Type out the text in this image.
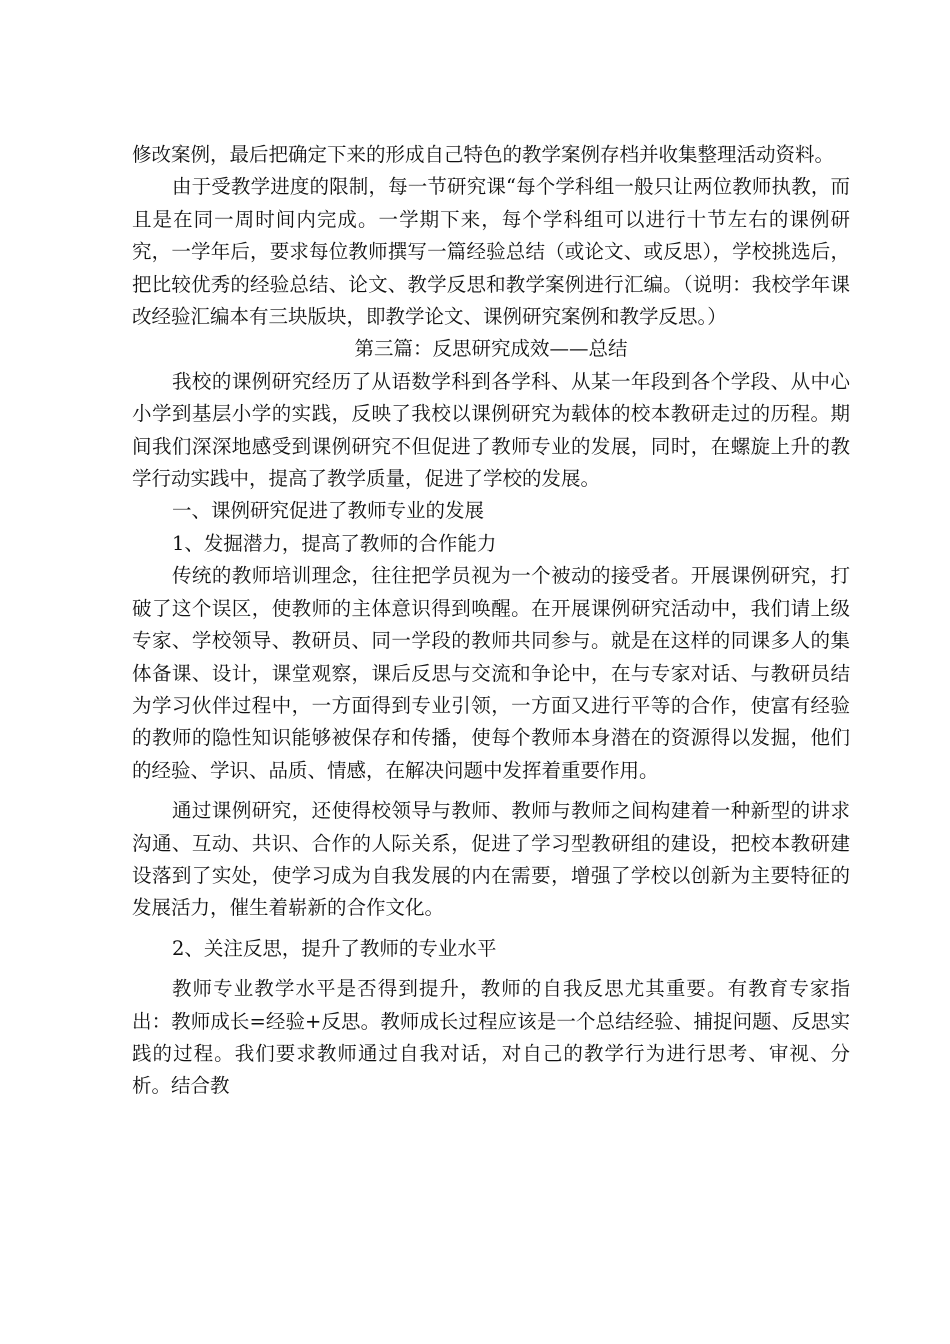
修改案例，最后把确定下来的形成自己特色的教学案例存档并收集整理活动资料。

由于受教学进度的限制，每一节研究课“每个学科组一般只让两位教师执教，而且是在同一周时间内完成。一学期下来，每个学科组可以进行十节左右的课例研究，一学年后，要求每位教师撰写一篇经验总结（或论文、或反思），学校挑选后，把比较优秀的经验总结、论文、教学反思和教学案例进行汇编。（说明：我校学年课改经验汇编本有三块版块，即教学论文、课例研究案例和教学反思。）

第三篇：反思研究成效——总结

我校的课例研究经历了从语数学科到各学科、从某一年段到各个学段、从中心小学到基层小学的实践，反映了我校以课例研究为载体的校本教研走过的历程。期间我们深深地感受到课例研究不但促进了教师专业的发展，同时，在螺旋上升的教学行动实践中，提高了教学质量，促进了学校的发展。

一、课例研究促进了教师专业的发展

1、发掘潜力，提高了教师的合作能力

传统的教师培训理念，往往把学员视为一个被动的接受者。开展课例研究，打破了这个误区，使教师的主体意识得到唤醒。在开展课例研究活动中，我们请上级专家、学校领导、教研员、同一学段的教师共同参与。就是在这样的同课多人的集体备课、设计，课堂观察，课后反思与交流和争论中，在与专家对话、与教研员结为学习伙伴过程中，一方面得到专业引领，一方面又进行平等的合作，使富有经验的教师的隐性知识能够被保存和传播，使每个教师本身潜在的资源得以发掘，他们的经验、学识、品质、情感，在解决问题中发挥着重要作用。

通过课例研究，还使得校领导与教师、教师与教师之间构建着一种新型的讲求沟通、互动、共识、合作的人际关系，促进了学习型教研组的建设，把校本教研建设落到了实处，使学习成为自我发展的内在需要，增强了学校以创新为主要特征的发展活力，催生着崭新的合作文化。

2、关注反思，提升了教师的专业水平

教师专业教学水平是否得到提升，教师的自我反思尤其重要。有教育专家指出：教师成长=经验+反思。教师成长过程应该是一个总结经验、捕捉问题、反思实践的过程。我们要求教师通过自我对话，对自己的教学行为进行思考、审视、分析。结合教
